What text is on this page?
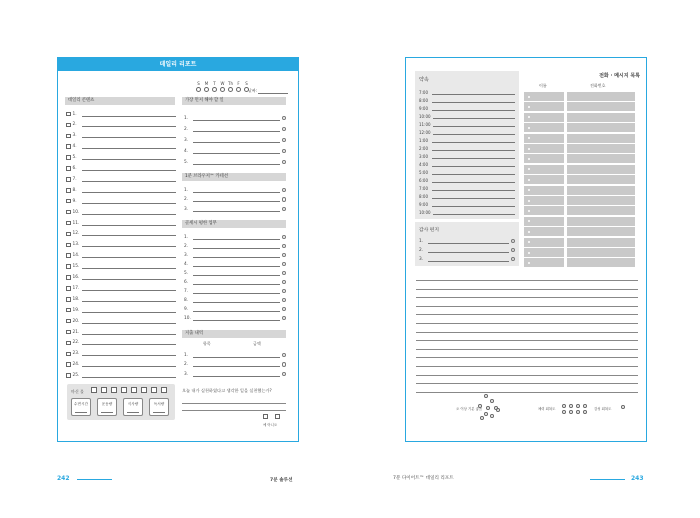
데일리 리포트
S	M	T	W Th	F	S
날짜:
데일리 콘텐츠	가장 먼저 해야 할 일
1분 브라우저™ 카테션
골세시 평한 업무
지출 내역
항목	금액
마신 물
수면시간	운동량	식사량	독서량
오늘 내가 실천하였다고 생각한 일을 실천했는가?
예 아니오
1.
2.
3.
4.
5.
6.
7.
8.
9.
10.
11.
12.
13.
14.
15.
16.
17.
18.
19.
20.
21.
22.
23.
24.
25.
1.
2.
3.
4.
5.
1.
2.
3.
1.
2.
3.
4.
5.
6.
7.
8.
9.
10.
1.
2.
3.
242	7분 솔루션
전화 · 메시지 목록
약속
7:00
8:00
9:00
10:00
11:00
12:00
1:00
2:00
3:00
4:00
5:00
6:00
7:00
8:00
9:00
10:00
이름	전화번호
감사 편지
1.
2.
3.
오 이상 기분 좋음	체력 회복도	감성 회복도
7분 다이어트™ 데일리 리포트	243
